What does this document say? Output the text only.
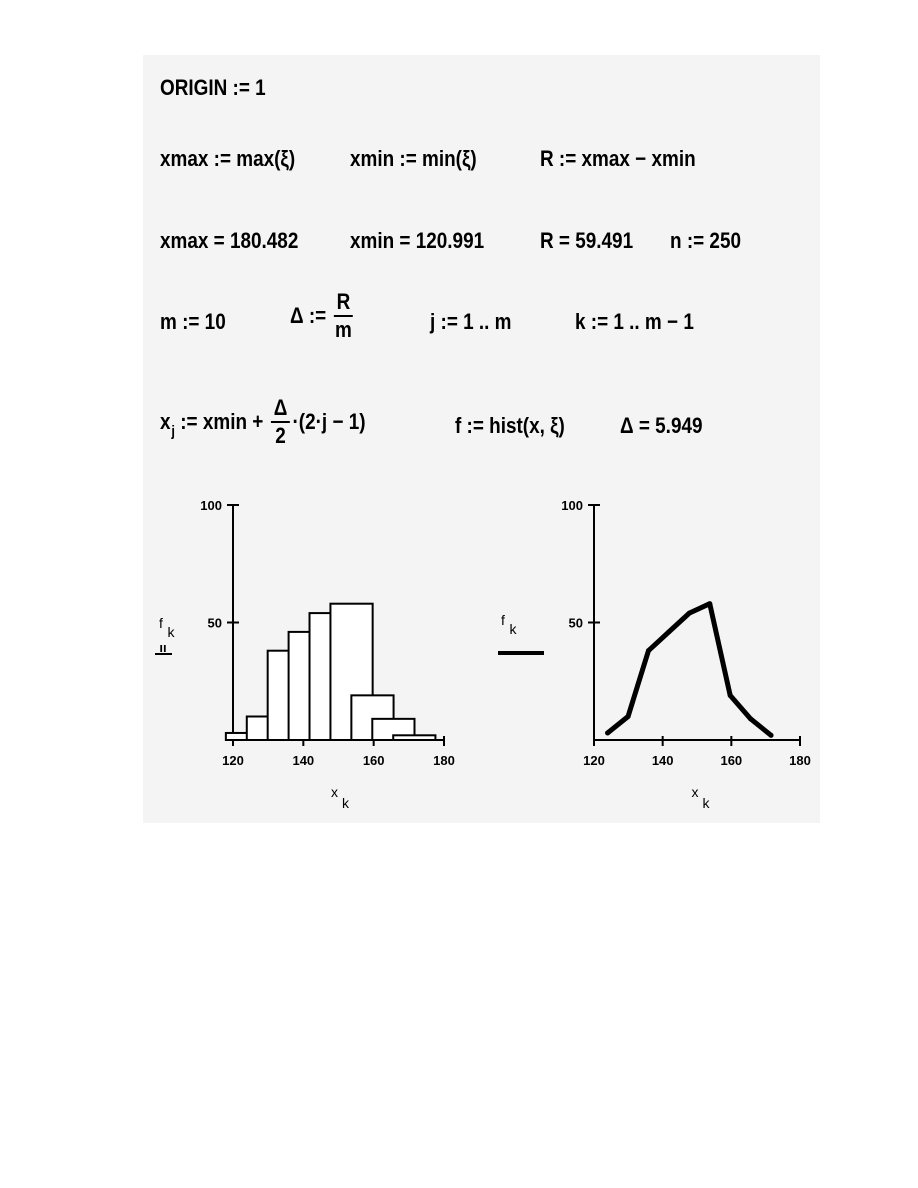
ORIGIN := 1
xmax := max(ξ) xmin := min(ξ)	R := xmax − xmin
xmax = 180.482 xmin = 120.991	R = 59.491 n := 250
m := 10	Δ := $\frac{R}{m}$	j := 1 .. m	k := 1 .. m − 1
$x_j$ := $xmin + \frac{\Delta}{2} \cdot(2\cdot j - 1)$	f := hist(x, ξ)	Δ = 5.949
100
50
120	140	160	180
x
k
f
k
ıı
100
50
120	140	160	180
x
k
f
k
